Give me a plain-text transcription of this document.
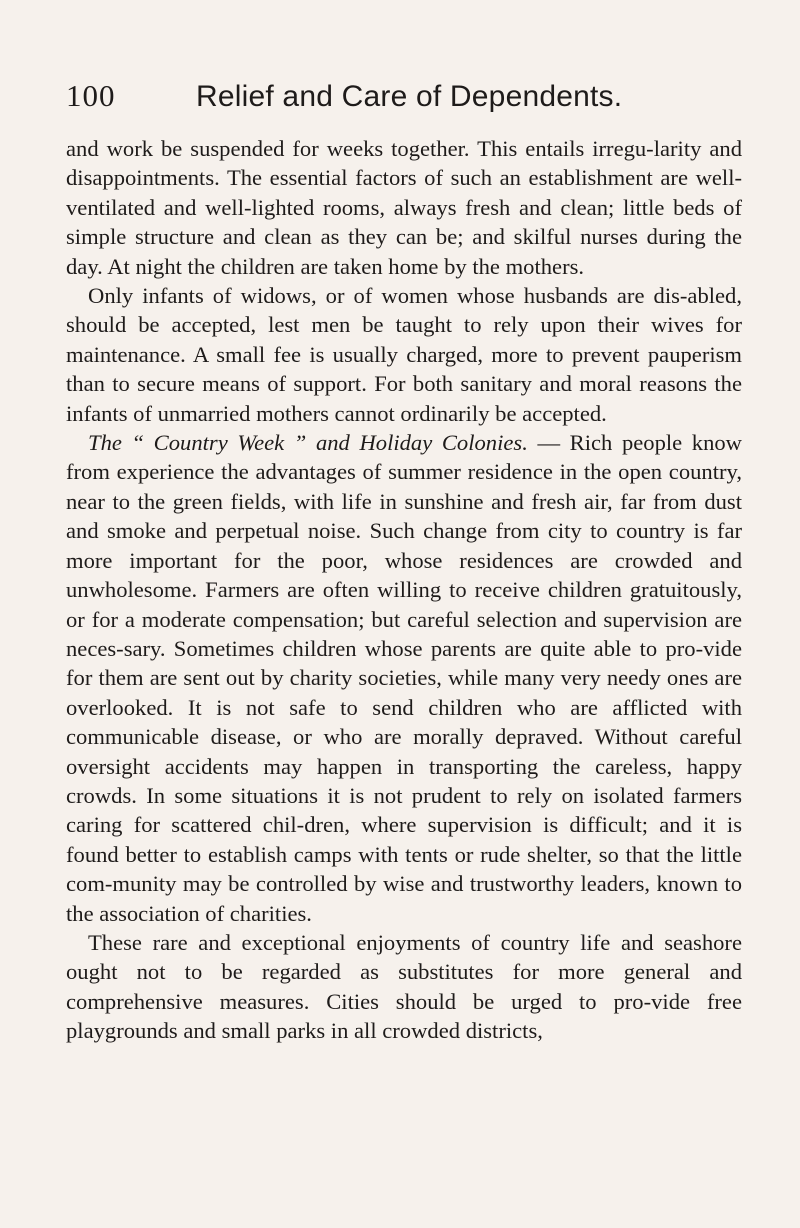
100	Relief and Care of Dependents.

and work be suspended for weeks together. This entails irregu-larity and disappointments. The essential factors of such an establishment are well-ventilated and well-lighted rooms, always fresh and clean; little beds of simple structure and clean as they can be; and skilful nurses during the day. At night the children are taken home by the mothers.

Only infants of widows, or of women whose husbands are dis-abled, should be accepted, lest men be taught to rely upon their wives for maintenance. A small fee is usually charged, more to prevent pauperism than to secure means of support. For both sanitary and moral reasons the infants of unmarried mothers cannot ordinarily be accepted.

The “ Country Week ” and Holiday Colonies. — Rich people know from experience the advantages of summer residence in the open country, near to the green fields, with life in sunshine and fresh air, far from dust and smoke and perpetual noise. Such change from city to country is far more important for the poor, whose residences are crowded and unwholesome. Farmers are often willing to receive children gratuitously, or for a moderate compensation; but careful selection and supervision are neces-sary. Sometimes children whose parents are quite able to pro-vide for them are sent out by charity societies, while many very needy ones are overlooked. It is not safe to send children who are afflicted with communicable disease, or who are morally depraved. Without careful oversight accidents may happen in transporting the careless, happy crowds. In some situations it is not prudent to rely on isolated farmers caring for scattered chil-dren, where supervision is difficult; and it is found better to establish camps with tents or rude shelter, so that the little com-munity may be controlled by wise and trustworthy leaders, known to the association of charities.

These rare and exceptional enjoyments of country life and seashore ought not to be regarded as substitutes for more general and comprehensive measures. Cities should be urged to pro-vide free playgrounds and small parks in all crowded districts,
